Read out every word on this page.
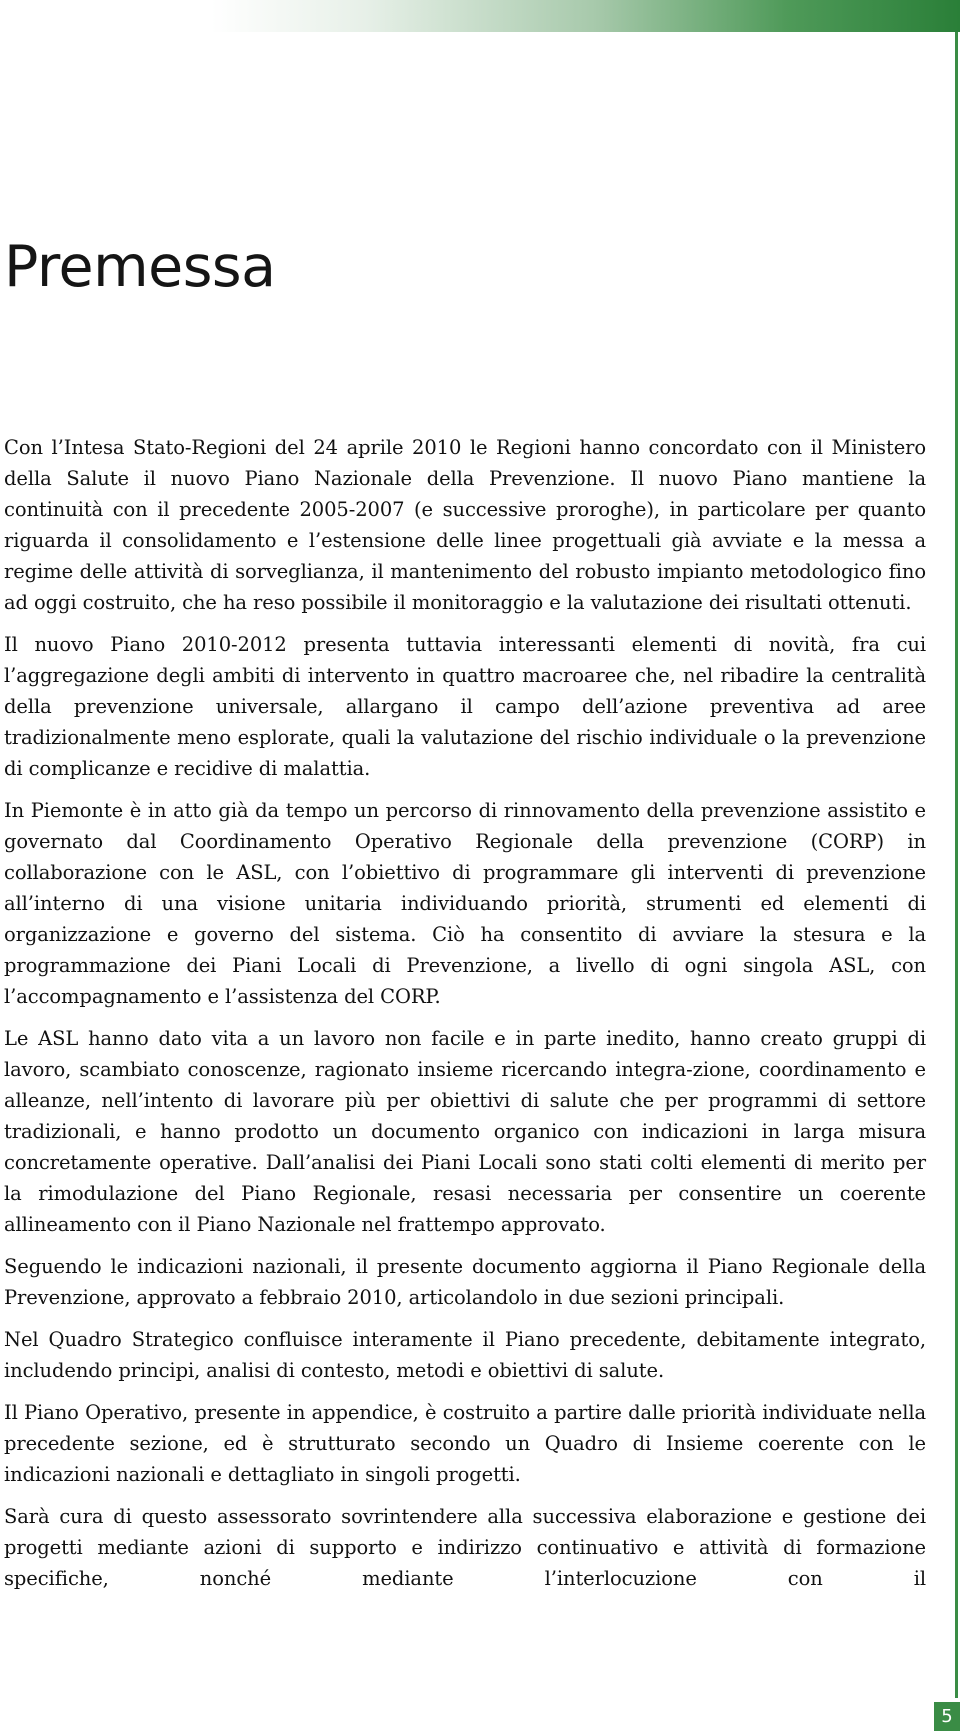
Premessa

Con l’Intesa Stato-Regioni del 24 aprile 2010 le Regioni hanno concordato con il Ministero della Salute il nuovo Piano Nazionale della Prevenzione. Il nuovo Piano mantiene la continuità con il precedente 2005-2007 (e successive proroghe), in particolare per quanto riguarda il consolidamento e l’estensione delle linee progettuali già avviate e la messa a regime delle attività di sorveglianza, il mantenimento del robusto impianto metodologico fino ad oggi costruito, che ha reso possibile il monitoraggio e la valutazione dei risultati ottenuti.

Il nuovo Piano 2010-2012 presenta tuttavia interessanti elementi di novità, fra cui l’aggregazione degli ambiti di intervento in quattro macroaree che, nel ribadire la centralità della prevenzione universale, allargano il campo dell’azione preventiva ad aree tradizionalmente meno esplorate, quali la valutazione del rischio individuale o la prevenzione di complicanze e recidive di malattia.

In Piemonte è in atto già da tempo un percorso di rinnovamento della prevenzione assistito e governato dal Coordinamento Operativo Regionale della prevenzione (CORP) in collaborazione con le ASL, con l’obiettivo di programmare gli interventi di prevenzione all’interno di una visione unitaria individuando priorità, strumenti ed elementi di organizzazione e governo del sistema. Ciò ha consentito di avviare la stesura e la programmazione dei Piani Locali di Prevenzione, a livello di ogni singola ASL, con l’accompagnamento e l’assistenza del CORP.

Le ASL hanno dato vita a un lavoro non facile e in parte inedito, hanno creato gruppi di lavoro, scambiato conoscenze, ragionato insieme ricercando integra-zione, coordinamento e alleanze, nell’intento di lavorare più per obiettivi di salute che per programmi di settore tradizionali, e hanno prodotto un documento organico con indicazioni in larga misura concretamente operative. Dall’analisi dei Piani Locali sono stati colti elementi di merito per la rimodulazione del Piano Regionale, resasi necessaria per consentire un coerente allineamento con il Piano Nazionale nel frattempo approvato.

Seguendo le indicazioni nazionali, il presente documento aggiorna il Piano Regionale della Prevenzione, approvato a febbraio 2010, articolandolo in due sezioni principali.

Nel Quadro Strategico confluisce interamente il Piano precedente, debitamente integrato, includendo principi, analisi di contesto, metodi e obiettivi di salute.

Il Piano Operativo, presente in appendice, è costruito a partire dalle priorità individuate nella precedente sezione, ed è strutturato secondo un Quadro di Insieme coerente con le indicazioni nazionali e dettagliato in singoli progetti.

Sarà cura di questo assessorato sovrintendere alla successiva elaborazione e gestione dei progetti mediante azioni di supporto e indirizzo continuativo e attività di formazione specifiche, nonché mediante l’interlocuzione con il

5
